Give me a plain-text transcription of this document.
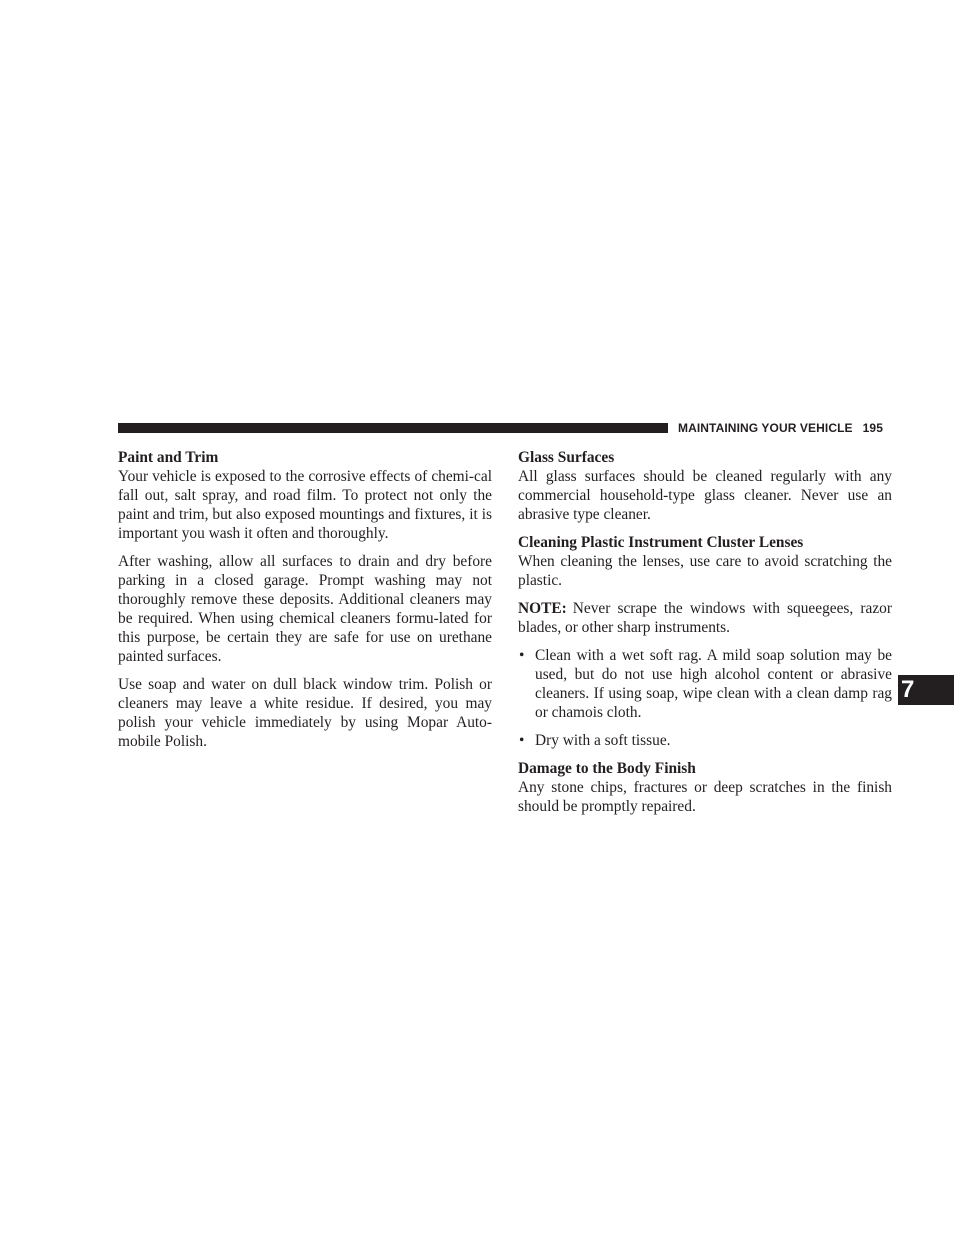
MAINTAINING YOUR VEHICLE 195

Paint and Trim

Your vehicle is exposed to the corrosive effects of chemi-cal fall out, salt spray, and road film. To protect not only the paint and trim, but also exposed mountings and fixtures, it is important you wash it often and thoroughly.

After washing, allow all surfaces to drain and dry before parking in a closed garage. Prompt washing may not thoroughly remove these deposits. Additional cleaners may be required. When using chemical cleaners formu-lated for this purpose, be certain they are safe for use on urethane painted surfaces.

Use soap and water on dull black window trim. Polish or cleaners may leave a white residue. If desired, you may polish your vehicle immediately by using Mopar Auto-mobile Polish.

Glass Surfaces

All glass surfaces should be cleaned regularly with any commercial household-type glass cleaner. Never use an abrasive type cleaner.

Cleaning Plastic Instrument Cluster Lenses

When cleaning the lenses, use care to avoid scratching the plastic.

NOTE: Never scrape the windows with squeegees, razor blades, or other sharp instruments.

• Clean with a wet soft rag. A mild soap solution may be used, but do not use high alcohol content or abrasive cleaners. If using soap, wipe clean with a clean damp rag or chamois cloth.
• Dry with a soft tissue.

Damage to the Body Finish

Any stone chips, fractures or deep scratches in the finish should be promptly repaired.

7
